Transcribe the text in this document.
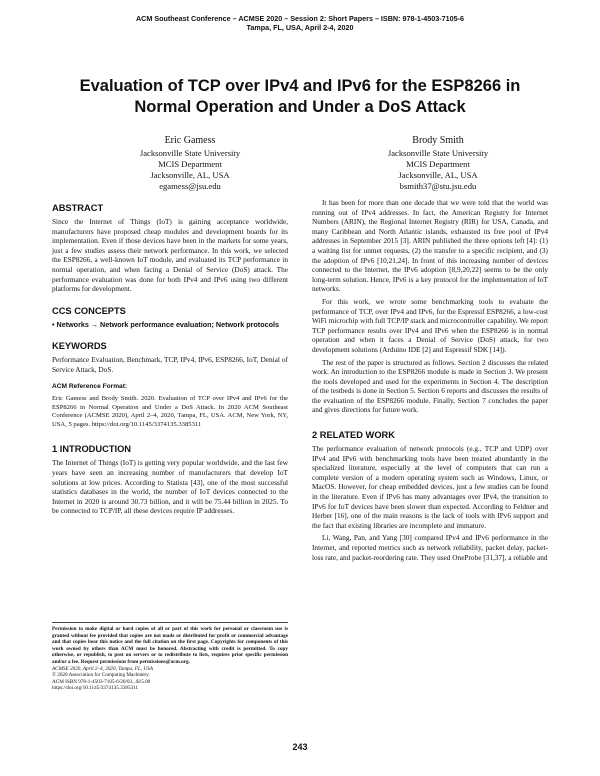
ACM Southeast Conference – ACMSE 2020 – Session 2: Short Papers – ISBN: 978-1-4503-7105-6
Tampa, FL, USA, April 2-4, 2020
Evaluation of TCP over IPv4 and IPv6 for the ESP8266 in
Normal Operation and Under a DoS Attack
Eric Gamess
Jacksonville State University
MCIS Department
Jacksonville, AL, USA
egamess@jsu.edu
Brody Smith
Jacksonville State University
MCIS Department
Jacksonville, AL, USA
bsmith37@stu.jsu.edu
ABSTRACT

Since the Internet of Things (IoT) is gaining acceptance worldwide, manufacturers have proposed cheap modules and development boards for its implementation. Even if those devices have been in the markets for some years, just a few studies assess their network performance. In this work, we selected the ESP8266, a well-known IoT module, and evaluated its TCP performance in normal operation, and when facing a Denial of Service (DoS) attack. The performance evaluation was done for both IPv4 and IPv6 using two different platforms for development.

CCS CONCEPTS
• Networks → Network performance evaluation; Network protocols
KEYWORDS

Performance Evaluation, Benchmark, TCP, IPv4, IPv6, ESP8266, IoT, Denial of Service Attack, DoS.

ACM Reference Format:
Eric Gamess and Brody Smith. 2020. Evaluation of TCP over IPv4 and IPv6 for the ESP8266 in Normal Operation and Under a DoS Attack. In 2020 ACM Southeast Conference (ACMSE 2020), April 2–4, 2020, Tampa, FL, USA. ACM, New York, NY, USA, 5 pages. https://doi.org/10.1145/3374135.3385311
1 INTRODUCTION

The Internet of Things (IoT) is getting very popular worldwide, and the last few years have seen an increasing number of manufacturers that develop IoT solutions at low prices. According to Statista [43], one of the most successful statistics databases in the world, the number of IoT devices connected to the Internet in 2020 is around 30.73 billion, and it will be 75.44 billion in 2025. To be connected to TCP/IP, all these devices require IP addresses.

Permission to make digital or hard copies of all or part of this work for personal or classroom use is granted without fee provided that copies are not made or distributed for profit or commercial advantage and that copies bear this notice and the full citation on the first page. Copyrights for components of this work owned by others than ACM must be honored. Abstracting with credit is permitted. To copy otherwise, or republish, to post on servers or to redistribute to lists, requires prior specific permission and/or a fee. Request permissions from permissions@acm.org.
ACMSE 2020, April 2–4, 2020, Tampa, FL, USA
© 2020 Association for Computing Machinery.
ACM ISBN 978-1-4503-7105-6/20/03...$15.00
https://doi.org/10.1145/3374135.3385311

It has been for more than one decade that we were told that the world was running out of IPv4 addresses. In fact, the American Registry for Internet Numbers (ARIN), the Regional Internet Registry (RIR) for USA, Canada, and many Caribbean and North Atlantic islands, exhausted its free pool of IPv4 addresses in September 2015 [3]. ARIN published the three options left [4]: (1) a waiting list for unmet requests, (2) the transfer to a specific recipient, and (3) the adoption of IPv6 [10,21,24]. In front of this increasing number of devices connected to the Internet, the IPv6 adoption [8,9,20,22] seems to be the only long-term solution. Hence, IPv6 is a key protocol for the implementation of IoT networks.

For this work, we wrote some benchmarking tools to evaluate the performance of TCP, over IPv4 and IPv6, for the Espressif ESP8266, a low-cost WiFi microchip with full TCP/IP stack and microcontroller capability. We report TCP performance results over IPv4 and IPv6 when the ESP8266 is in normal operation and when it faces a Denial of Service (DoS) attack, for two development solutions (Arduino IDE [2] and Espressif SDK [14]).

The rest of the paper is structured as follows. Section 2 discusses the related work. An introduction to the ESP8266 module is made in Section 3. We present the tools developed and used for the experiments in Section 4. The description of the testbeds is done in Section 5. Section 6 reports and discusses the results of the evaluation of the ESP8266 module. Finally, Section 7 concludes the paper and gives directions for future work.

2 RELATED WORK

The performance evaluation of network protocols (e.g., TCP and UDP) over IPv4 and IPv6 with benchmarking tools have been treated abundantly in the specialized literature, especially at the level of computers that can run a complete version of a modern operating system such as Windows, Linux, or MacOS. However, for cheap embedded devices, just a few studies can be found in the literature. Even if IPv6 has many advantages over IPv4, the transition to IPv6 for IoT devices have been slower than expected. According to Feldner and Herber [16], one of the main reasons is the lack of tools with IPv6 support and the fact that existing libraries are incomplete and immature.

Li, Wang, Pan, and Yang [30] compared IPv4 and IPv6 performance in the Internet, and reported metrics such as network reliability, packet delay, packet-loss rate, and packet-reordering rate. They used OneProbe [31,37], a reliable and

243
